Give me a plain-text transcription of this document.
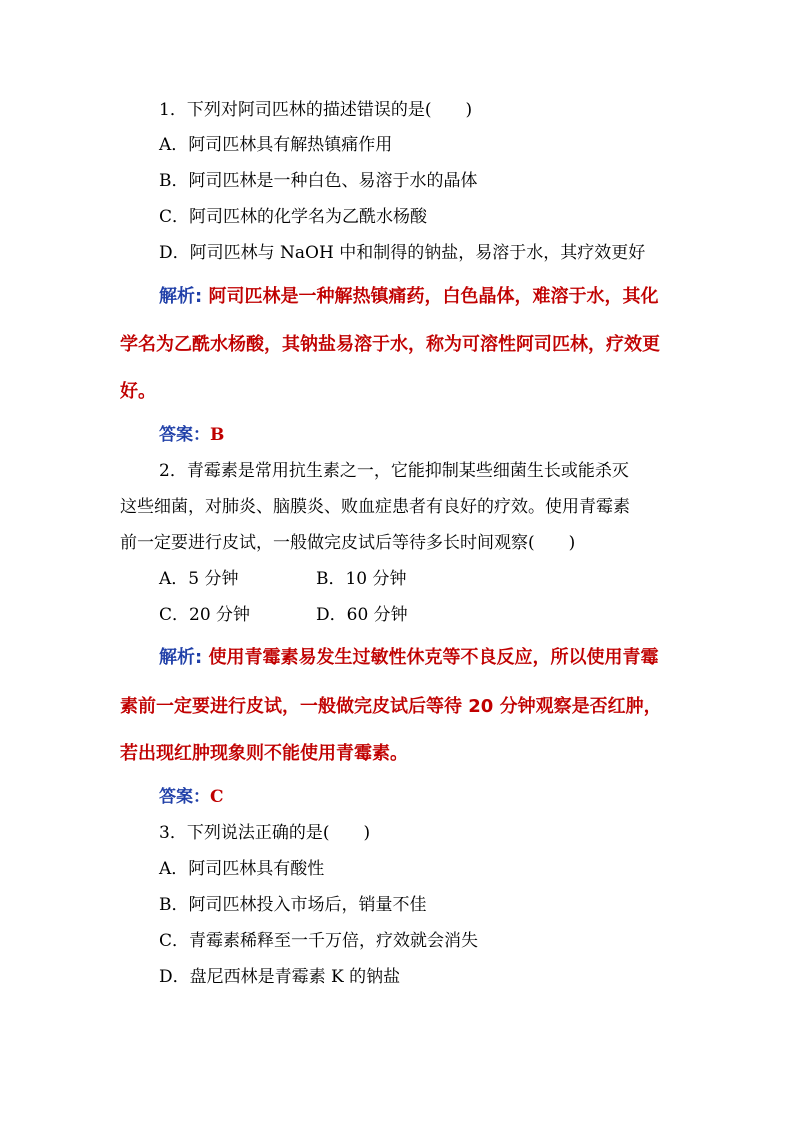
1．下列对阿司匹林的描述错误的是(　　)
A．阿司匹林具有解热镇痛作用
B．阿司匹林是一种白色、易溶于水的晶体
C．阿司匹林的化学名为乙酰水杨酸
D．阿司匹林与 NaOH 中和制得的钠盐，易溶于水，其疗效更好
解析: 阿司匹林是一种解热镇痛药，白色晶体，难溶于水，其化
学名为乙酰水杨酸，其钠盐易溶于水，称为可溶性阿司匹林，疗效更
好。
答案：B
2．青霉素是常用抗生素之一，它能抑制某些细菌生长或能杀灭
这些细菌，对肺炎、脑膜炎、败血症患者有良好的疗效。使用青霉素
前一定要进行皮试，一般做完皮试后等待多长时间观察(　　)
A．5 分钟	B．10 分钟
C．20 分钟	D．60 分钟
解析: 使用青霉素易发生过敏性休克等不良反应，所以使用青霉
素前一定要进行皮试，一般做完皮试后等待 20 分钟观察是否红肿，
若出现红肿现象则不能使用青霉素。
答案：C
3．下列说法正确的是(　　)
A．阿司匹林具有酸性
B．阿司匹林投入市场后，销量不佳
C．青霉素稀释至一千万倍，疗效就会消失
D．盘尼西林是青霉素 K 的钠盐
